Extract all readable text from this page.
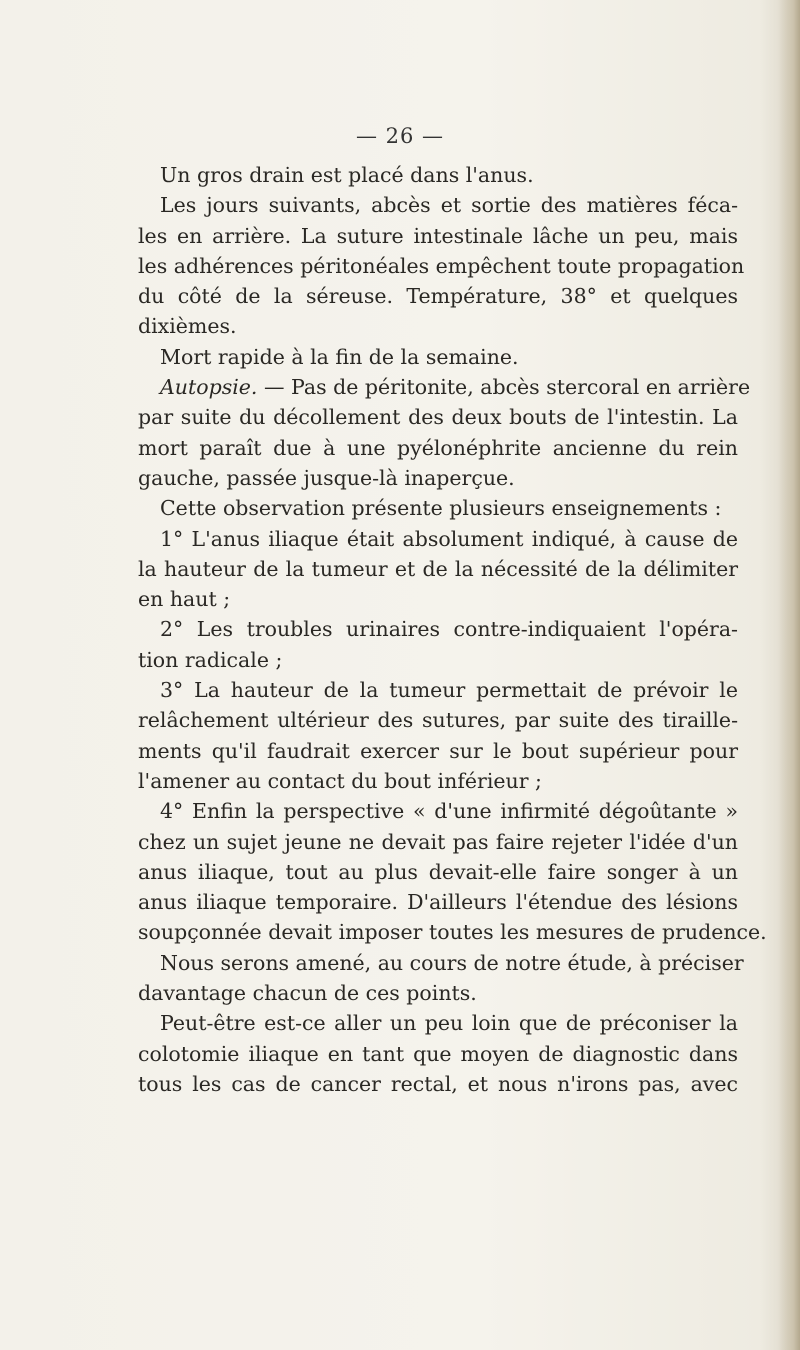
— 26 —
Un gros drain est placé dans l'anus.
Les jours suivants, abcès et sortie des matières féca-
les en arrière. La suture intestinale lâche un peu, mais
les adhérences péritonéales empêchent toute propagation
du côté de la séreuse. Température, 38° et quelques
dixièmes.
Mort rapide à la fin de la semaine.
Autopsie. — Pas de péritonite, abcès stercoral en arrière
par suite du décollement des deux bouts de l'intestin. La
mort paraît due à une pyélonéphrite ancienne du rein
gauche, passée jusque-là inaperçue.
Cette observation présente plusieurs enseignements :
1° L'anus iliaque était absolument indiqué, à cause de
la hauteur de la tumeur et de la nécessité de la délimiter
en haut ;
2° Les troubles urinaires contre-indiquaient l'opéra-
tion radicale ;
3° La hauteur de la tumeur permettait de prévoir le
relâchement ultérieur des sutures, par suite des tiraille-
ments qu'il faudrait exercer sur le bout supérieur pour
l'amener au contact du bout inférieur ;
4° Enfin la perspective « d'une infirmité dégoûtante »
chez un sujet jeune ne devait pas faire rejeter l'idée d'un
anus iliaque, tout au plus devait-elle faire songer à un
anus iliaque temporaire. D'ailleurs l'étendue des lésions
soupçonnée devait imposer toutes les mesures de prudence.
Nous serons amené, au cours de notre étude, à préciser
davantage chacun de ces points.
Peut-être est-ce aller un peu loin que de préconiser la
colotomie iliaque en tant que moyen de diagnostic dans
tous les cas de cancer rectal, et nous n'irons pas, avec
